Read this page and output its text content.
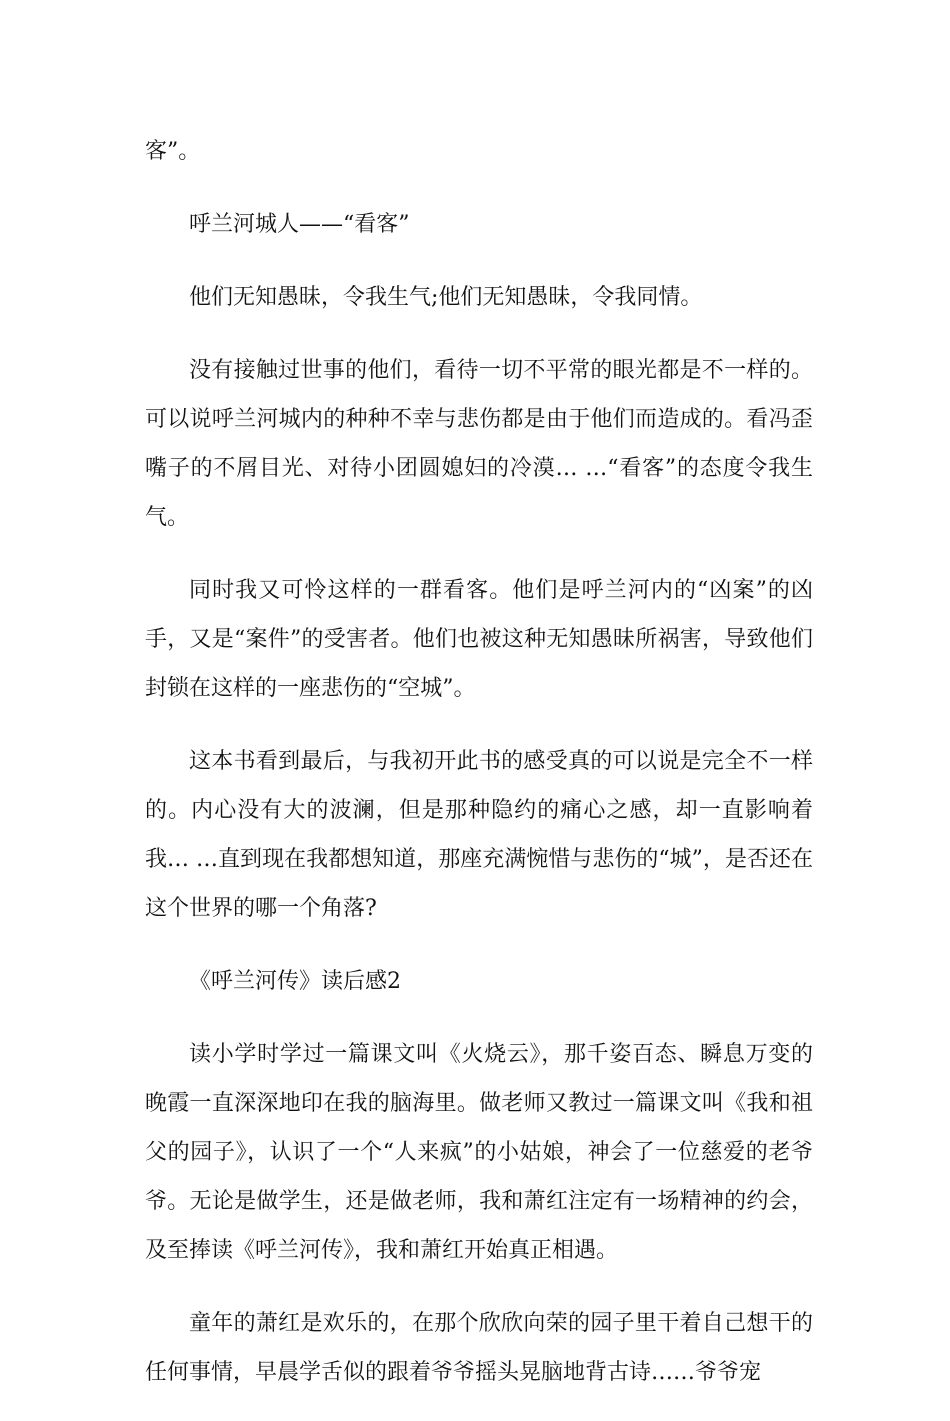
客”。

呼兰河城人——“看客”

他们无知愚昧，令我生气;他们无知愚昧，令我同情。

没有接触过世事的他们，看待一切不平常的眼光都是不一样的。可以说呼兰河城内的种种不幸与悲伤都是由于他们而造成的。看冯歪嘴子的不屑目光、对待小团圆媳妇的冷漠… …“看客”的态度令我生气。

同时我又可怜这样的一群看客。他们是呼兰河内的“凶案”的凶手，又是“案件”的受害者。他们也被这种无知愚昧所祸害，导致他们封锁在这样的一座悲伤的“空城”。

这本书看到最后，与我初开此书的感受真的可以说是完全不一样的。内心没有大的波澜，但是那种隐约的痛心之感，却一直影响着我… …直到现在我都想知道，那座充满惋惜与悲伤的“城”，是否还在这个世界的哪一个角落?

《呼兰河传》读后感2

读小学时学过一篇课文叫《火烧云》，那千姿百态、瞬息万变的晚霞一直深深地印在我的脑海里。做老师又教过一篇课文叫《我和祖父的园子》，认识了一个“人来疯”的小姑娘，神会了一位慈爱的老爷爷。无论是做学生，还是做老师，我和萧红注定有一场精神的约会，及至捧读《呼兰河传》，我和萧红开始真正相遇。

童年的萧红是欢乐的，在那个欣欣向荣的园子里干着自己想干的任何事情，早晨学舌似的跟着爷爷摇头晃脑地背古诗……爷爷宠
